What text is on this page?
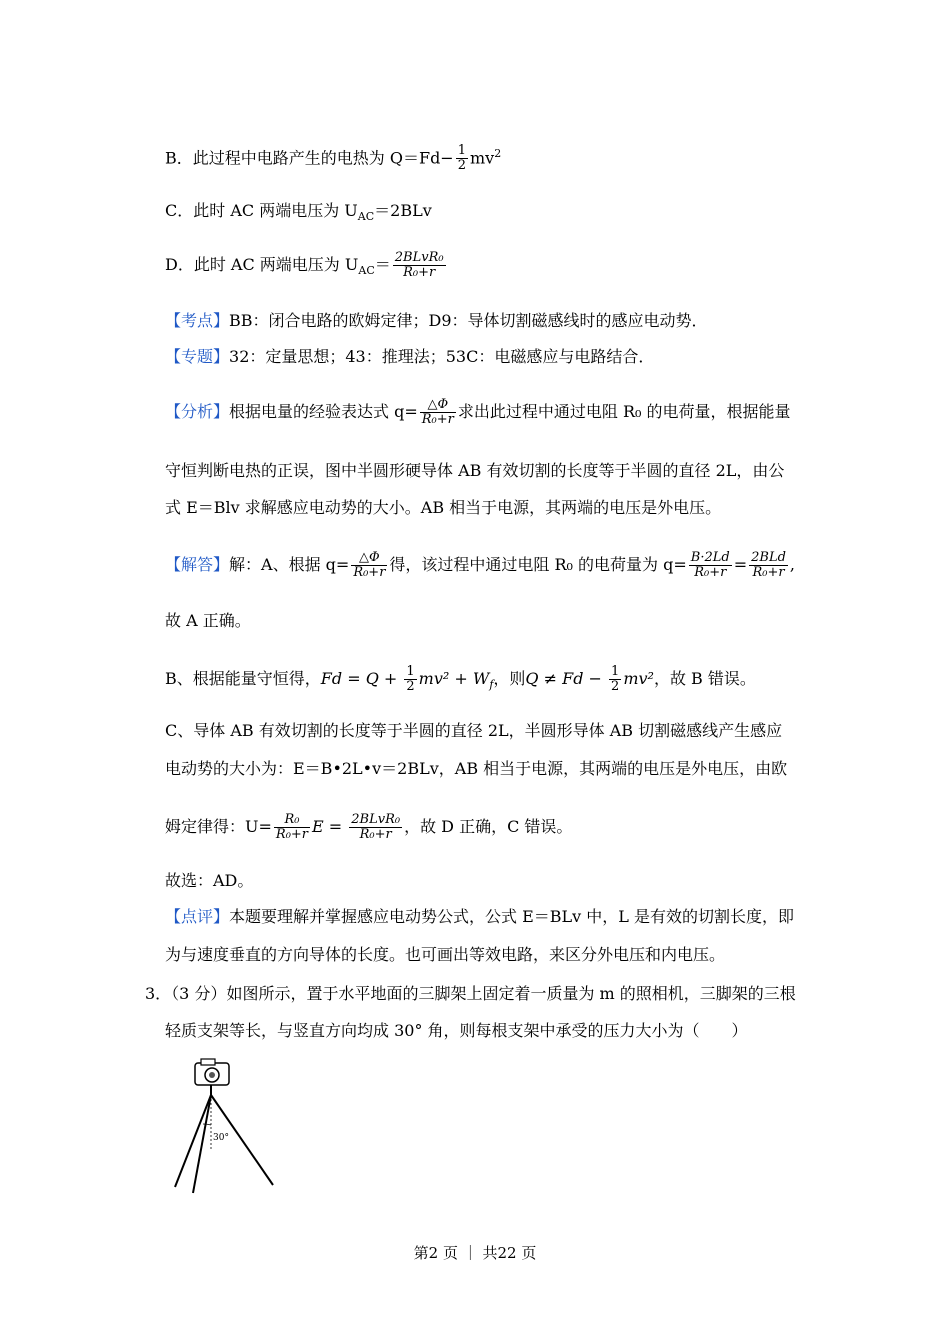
B．此过程中电路产生的电热为 $Q=Fd- \frac{1}{2} mv^2$
C．此时 AC 两端电压为 $U_{AC}=2BLv$
D．此时 AC 两端电压为 $U_{AC}= \frac{\text{2BLvR₀}}{\text{R₀+r}}$
【考点】BB：闭合电路的欧姆定律；D9：导体切割磁感线时的感应电动势．
【专题】32：定量思想；43：推理法；53C：电磁感应与电路结合．
【分析】根据电量的经验表达式 $q= \frac{\triangle\Phi}{\text{R₀+r}}$ 求出此过程中通过电阻 R₀ 的电荷量，根据能量
守恒判断电热的正误，图中半圆形硬导体 AB 有效切割的长度等于半圆的直径 2L，由公
式 E＝Blv 求解感应电动势的大小。AB 相当于电源，其两端的电压是外电压。
【解答】解：A、根据 $q= \frac{\triangle\Phi}{\text{R₀+r}}$ 得，该过程中通过电阻 R₀ 的电荷量为 $q= \frac{B\cdot 2Ld}{\text{R₀+r}} = \frac{\text{2BLd}}{\text{R₀+r}}$ ,
故 A 正确。
B、根据能量守恒得，$Fd = Q + \frac{1}{2} mv^2 + W_f$，则$Q \ne Fd - \frac{1}{2} mv^2$，故 B 错误。
C、导体 AB 有效切割的长度等于半圆的直径 2L，半圆形导体 AB 切割磁感线产生感应
电动势的大小为：E＝B•2L•v＝2BLv，AB 相当于电源，其两端的电压是外电压，由欧
姆定律得：$U= \frac{\text{R₀}}{\text{R₀+r}}$ $E = \frac{\text{2BLvR₀}}{\text{R₀+r}}$ ，故 D 正确，C 错误。
故选：AD。
【点评】本题要理解并掌握感应电动势公式，公式 E＝BLv 中，L 是有效的切割长度，即
为与速度垂直的方向导体的长度。也可画出等效电路，来区分外电压和内电压。
3．（3 分）如图所示，置于水平地面的三脚架上固定着一质量为 m 的照相机，三脚架的三根
轻质支架等长，与竖直方向均成 30° 角，则每根支架中承受的压力大小为（　　）
30°
第2 页 ｜ 共22 页
